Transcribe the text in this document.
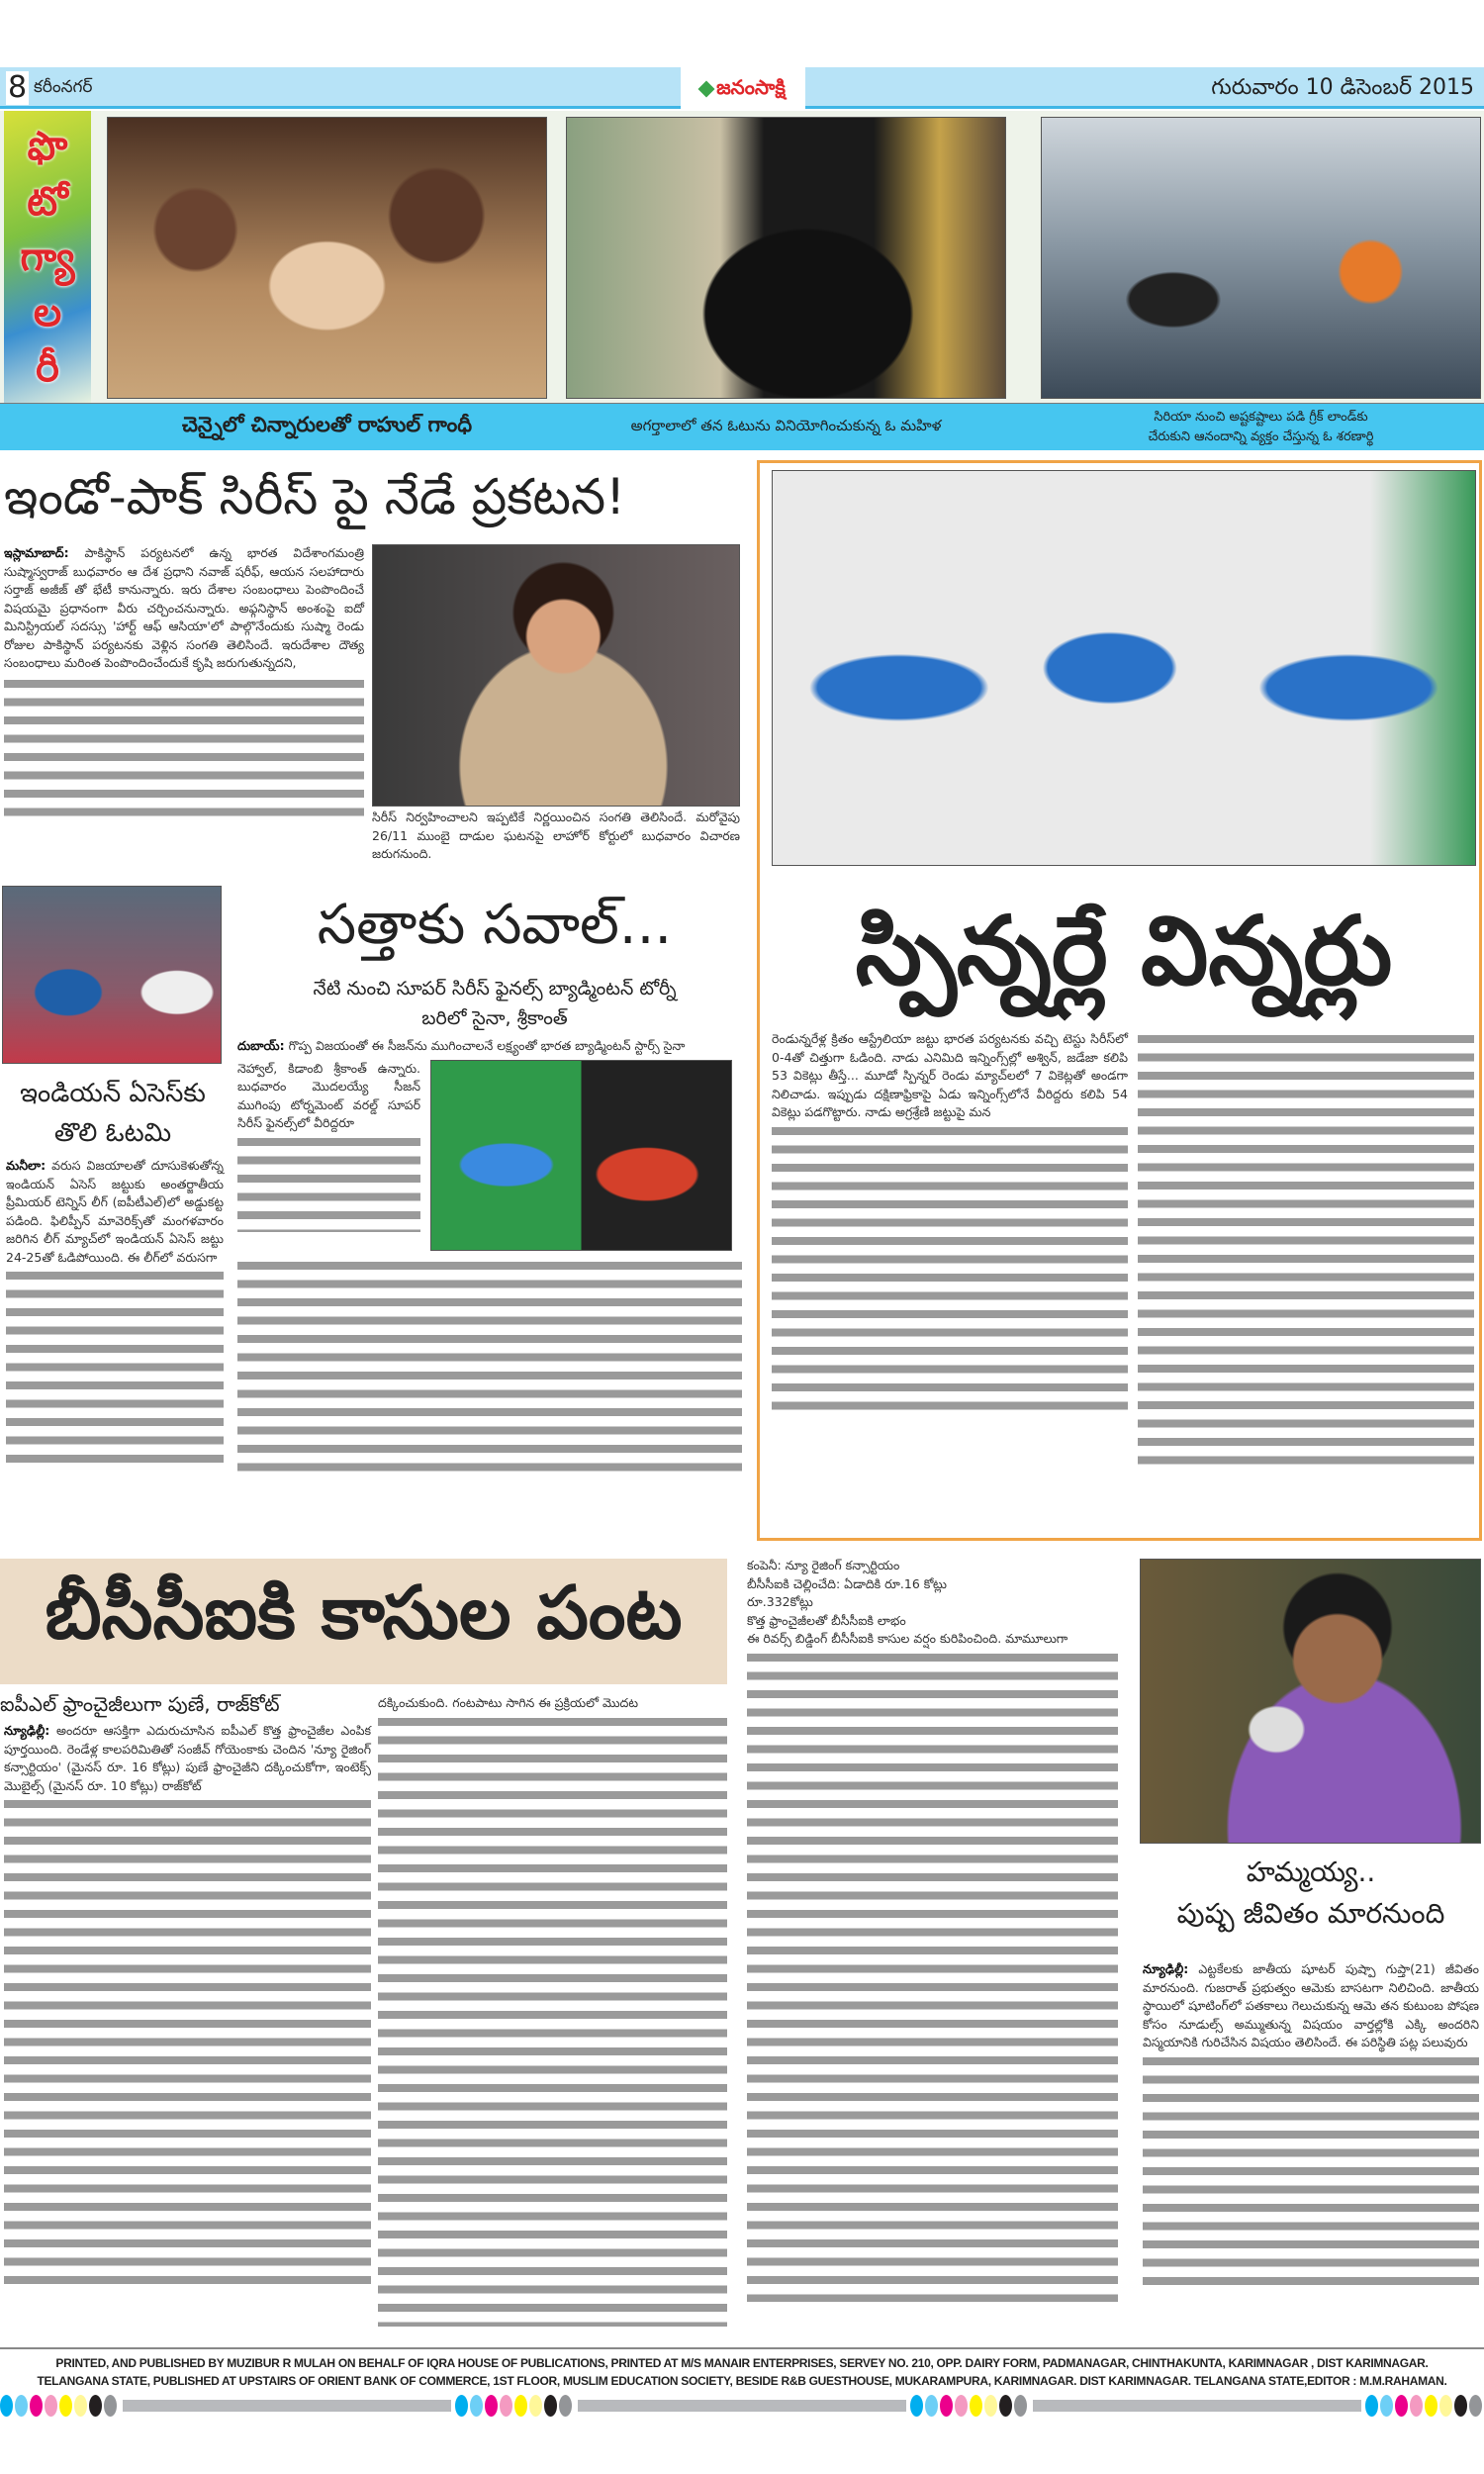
8 కరీంనగర్	జనంసాక్షి	గురువారం 10 డిసెంబర్ 2015
ఫొ
టో
గ్యా
ల
రీ
చెన్నైలో చిన్నారులతో రాహుల్ గాంధీ	అగర్తాలాలో తన ఓటును వినియోగించుకున్న ఓ మహిళ	సిరియా నుంచి అష్టకష్టాలు పడి గ్రీక్ లాండ్‌కు
చేరుకుని ఆనందాన్ని వ్యక్తం చేస్తున్న ఓ శరణార్థి
ఇండో-పాక్ సిరీస్ పై నేడే ప్రకటన!
ఇస్లామాబాద్: పాకిస్థాన్ పర్యటనలో ఉన్న భారత విదేశాంగమంత్రి సుష్మాస్వరాజ్ బుధవారం ఆ దేశ ప్రధాని నవాజ్ షరీఫ్, ఆయన సలహాదారు సర్తాజ్ అజీజ్ తో భేటీ కానున్నారు. ఇరు దేశాల సంబంధాలు పెంపొందించే విషయమై ప్రధానంగా వీరు చర్చించనున్నారు. అఫ్గనిస్థాన్ అంశంపై ఐదో మినిస్ట్రియల్ సదస్సు 'హార్ట్ ఆఫ్ ఆసియా'లో పాల్గొనేందుకు సుష్మా రెండు రోజుల పాకిస్థాన్ పర్యటనకు వెళ్లిన సంగతి తెలిసిందే. ఇరుదేశాల దౌత్య సంబంధాలు మరింత పెంపొందించేందుకే కృషి జరుగుతున్నదని,
సిరీస్ నిర్వహించాలని ఇప్పటికే నిర్ణయించిన సంగతి తెలిసిందే. మరోవైపు 26/11 ముంబై దాడుల ఘటనపై లాహోర్ కోర్టులో బుధవారం విచారణ జరుగనుంది.
ఇండియన్ ఏసెస్‌కు
తొలి ఓటమి
మనీలా: వరుస విజయాలతో దూసుకెళుతోన్న ఇండియన్ ఏసెస్ జట్టుకు అంతర్జాతీయ ప్రీమియర్ టెన్నిస్ లీగ్ (ఐపీటీఎల్)లో అడ్డుకట్ట పడింది. ఫిలిప్పీన్ మావెరిక్స్‌తో మంగళవారం జరిగిన లీగ్ మ్యాచ్‌లో ఇండియన్ ఏసెస్ జట్టు 24-25తో ఓడిపోయింది. ఈ లీగ్‌లో వరుసగా
సత్తాకు సవాల్...
నేటి నుంచి సూపర్ సిరీస్ ఫైనల్స్ బ్యాడ్మింటన్ టోర్నీ
బరిలో సైనా, శ్రీకాంత్
దుబాయ్: గొప్ప విజయంతో ఈ సీజన్‌ను ముగించాలనే లక్ష్యంతో భారత బ్యాడ్మింటన్ స్టార్స్ సైనా
నెహ్వాల్, కిడాంబి శ్రీకాంత్ ఉన్నారు. బుధవారం మొదలయ్యే సీజన్ ముగింపు టోర్నమెంట్ వరల్డ్ సూపర్ సిరీస్ ఫైనల్స్‌లో వీరిద్దరూ
స్పిన్నర్లే విన్నర్లు
రెండున్నరేళ్ల క్రితం ఆస్ట్రేలియా జట్టు భారత పర్యటనకు వచ్చి టెస్టు సిరీస్‌లో 0-4తో చిత్తుగా ఓడింది. నాడు ఎనిమిది ఇన్నింగ్స్‌ల్లో అశ్విన్, జడేజా కలిపి 53 వికెట్లు తీస్తే... మూడో స్పిన్నర్ రెండు మ్యాచ్‌లలో 7 వికెట్లతో అండగా నిలిచాడు. ఇప్పుడు దక్షిణాఫ్రికాపై ఏడు ఇన్నింగ్స్‌లోనే వీరిద్దరు కలిపి 54 వికెట్లు పడగొట్టారు. నాడు అగ్రశ్రేణి జట్టుపై మన
బీసీసీఐకి కాసుల పంట
ఐపీఎల్ ఫ్రాంచైజీలుగా పుణే, రాజ్‌కోట్
న్యూఢిల్లీ: అందరూ ఆసక్తిగా ఎదురుచూసిన ఐపీఎల్ కొత్త ఫ్రాంచైజీల ఎంపిక పూర్తయింది. రెండేళ్ల కాలపరిమితితో సంజీవ్ గోయెంకాకు చెందిన 'న్యూ రైజింగ్ కన్సార్టియం' (మైనస్ రూ. 16 కోట్లు) పుణే ఫ్రాంచైజీని దక్కించుకోగా, ఇంటెక్స్ మొబైల్స్ (మైనస్ రూ. 10 కోట్లు) రాజ్‌కోట్
దక్కించుకుంది. గంటపాటు సాగిన ఈ ప్రక్రియలో మొదట
కంపెనీ: న్యూ రైజింగ్ కన్సార్టియం
బీసీసీఐకి చెల్లించేది: ఏడాదికి రూ.16 కోట్లు
రూ.332కోట్లు
కొత్త ఫ్రాంచైజీలతో బీసీసీఐకి లాభం
ఈ రివర్స్ బిడ్డింగ్ బీసీసీఐకి కాసుల వర్షం కురిపించింది. మామూలుగా
హమ్మయ్య..
పుష్ప జీవితం మారనుంది
న్యూఢిల్లీ: ఎట్టకేలకు జాతీయ షూటర్ పుష్పా గుప్తా(21) జీవితం మారనుంది. గుజరాత్ ప్రభుత్వం ఆమెకు బాసటగా నిలిచింది. జాతీయ స్థాయిలో షూటింగ్‌లో పతకాలు గెలుచుకున్న ఆమె తన కుటుంబ పోషణ కోసం నూడుల్స్ అమ్ముతున్న విషయం వార్తల్లోకి ఎక్కి అందరిని విస్మయానికి గురిచేసిన విషయం తెలిసిందే. ఈ పరిస్థితి పట్ల పలువురు
PRINTED, AND PUBLISHED BY MUZIBUR R MULAH ON BEHALF OF IQRA HOUSE OF PUBLICATIONS, PRINTED AT M/S MANAIR ENTERPRISES, SERVEY NO. 210, OPP. DAIRY FORM, PADMANAGAR, CHINTHAKUNTA, KARIMNAGAR , DIST KARIMNAGAR.
TELANGANA STATE, PUBLISHED AT UPSTAIRS OF ORIENT BANK OF COMMERCE, 1ST FLOOR, MUSLIM EDUCATION SOCIETY, BESIDE R&B GUESTHOUSE, MUKARAMPURA, KARIMNAGAR. DIST KARIMNAGAR. TELANGANA STATE,EDITOR : M.M.RAHAMAN.
